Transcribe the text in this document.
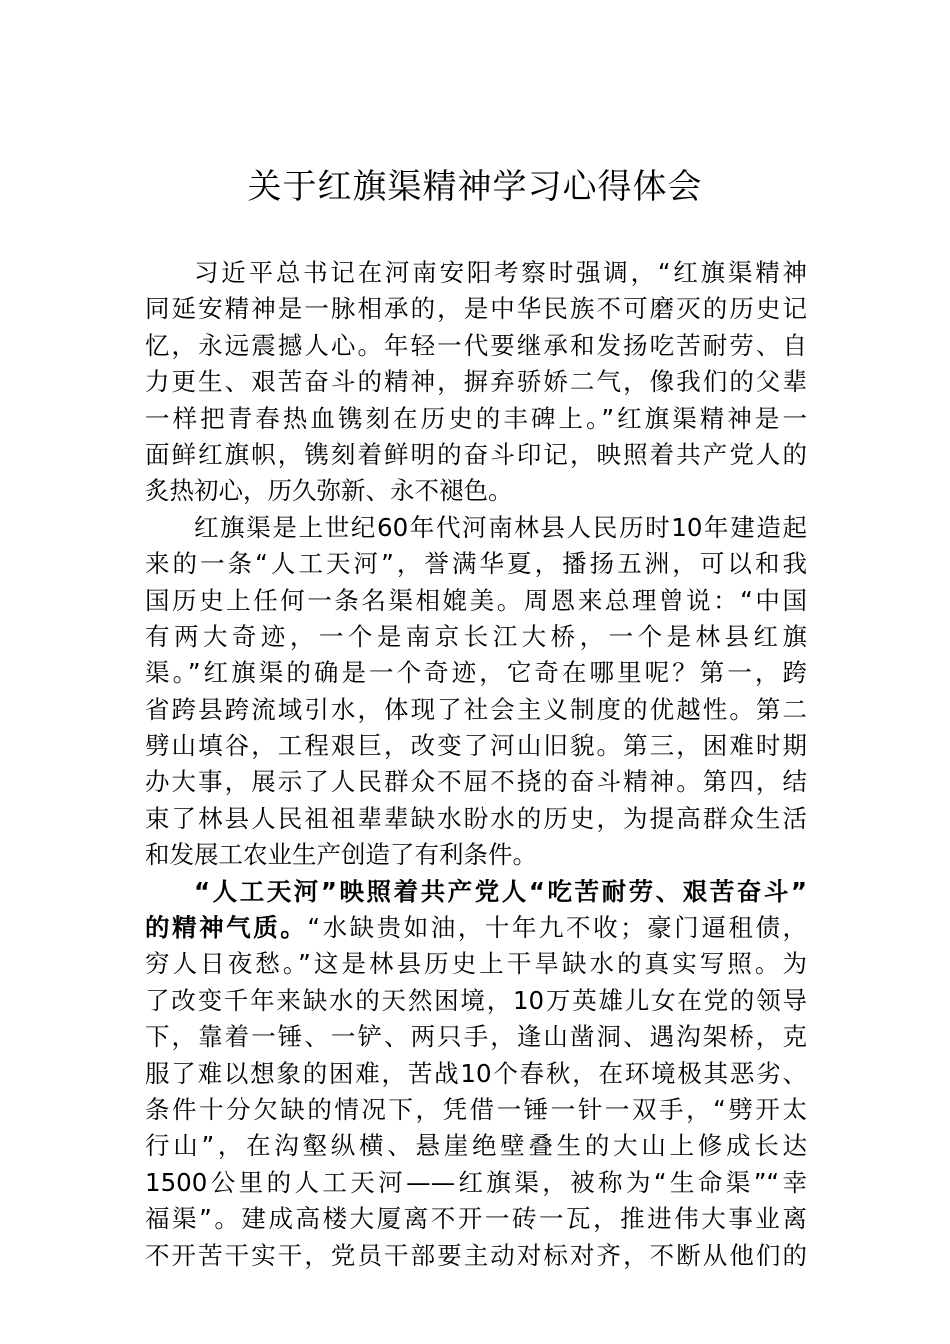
关于红旗渠精神学习心得体会
习近平总书记在河南安阳考察时强调，“红旗渠精神
同延安精神是一脉相承的，是中华民族不可磨灭的历史记
忆，永远震撼人心。年轻一代要继承和发扬吃苦耐劳、自
力更生、艰苦奋斗的精神，摒弃骄娇二气，像我们的父辈
一样把青春热血镌刻在历史的丰碑上。”红旗渠精神是一
面鲜红旗帜，镌刻着鲜明的奋斗印记，映照着共产党人的
炙热初心，历久弥新、永不褪色。
红旗渠是上世纪60年代河南林县人民历时10年建造起
来的一条“人工天河”，誉满华夏，播扬五洲，可以和我
国历史上任何一条名渠相媲美。周恩来总理曾说：“中国
有两大奇迹，一个是南京长江大桥，一个是林县红旗
渠。”红旗渠的确是一个奇迹，它奇在哪里呢？第一，跨
省跨县跨流域引水，体现了社会主义制度的优越性。第二
劈山填谷，工程艰巨，改变了河山旧貌。第三，困难时期
办大事，展示了人民群众不屈不挠的奋斗精神。第四，结
束了林县人民祖祖辈辈缺水盼水的历史，为提高群众生活
和发展工农业生产创造了有利条件。
“人工天河”映照着共产党人“吃苦耐劳、艰苦奋斗”
的精神气质。“水缺贵如油，十年九不收；豪门逼租债，
穷人日夜愁。”这是林县历史上干旱缺水的真实写照。为
了改变千年来缺水的天然困境，10万英雄儿女在党的领导
下，靠着一锤、一铲、两只手，逢山凿洞、遇沟架桥，克
服了难以想象的困难，苦战10个春秋，在环境极其恶劣、
条件十分欠缺的情况下，凭借一锤一针一双手，“劈开太
行山”，在沟壑纵横、悬崖绝壁叠生的大山上修成长达
1500公里的人工天河——红旗渠，被称为“生命渠”“幸
福渠”。建成高楼大厦离不开一砖一瓦，推进伟大事业离
不开苦干实干，党员干部要主动对标对齐，不断从他们的
